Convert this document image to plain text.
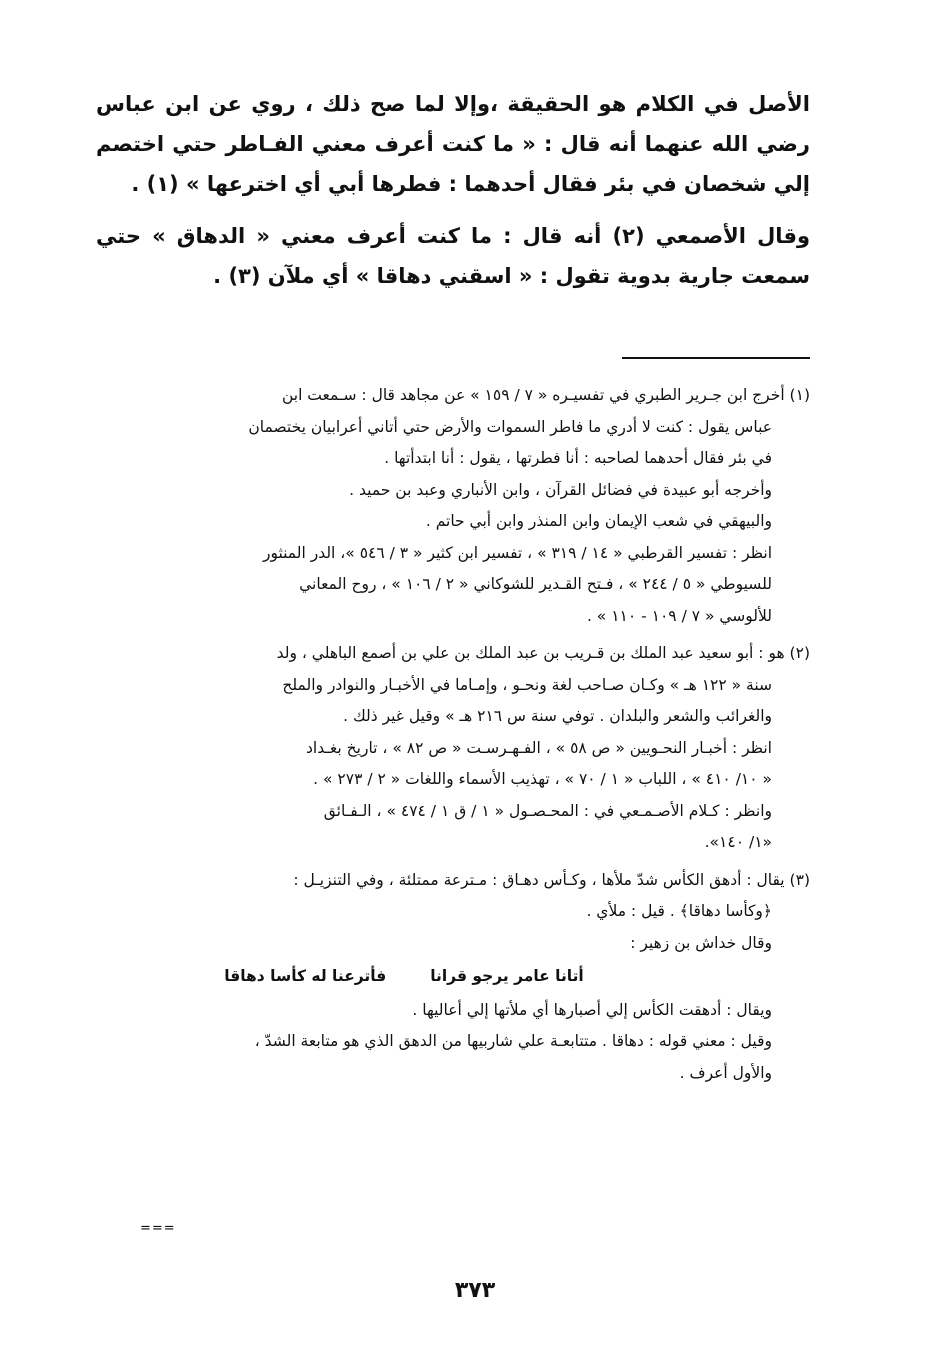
الأصل في الكلام هو الحقيقة ،وإلا لما صح ذلك ، روي عن ابن عباس رضي الله عنهما أنه قال : « ما كنت أعرف معني الفـاطر حتي اختصم إلي شخصان في بئر فقال أحدهما : فطرها أبي أي اخترعها » (١) .

وقال الأصمعي (٢) أنه قال : ما كنت أعرف معني « الدهاق » حتي سمعت جارية بدوية تقول : « اسقني دهاقا » أي ملآن (٣) .

(١) أخرج ابن جـرير الطبري في تفسيـره « ٧ / ١٥٩ » عن مجاهد قال : سـمعت ابن

عباس يقول : كنت لا أدري ما فاطر السموات والأرض حتي أتاني أعرابيان يختصمان

في بئر فقال أحدهما لصاحبه : أنا فطرتها ، يقول : أنا ابتدأتها .

وأخرجه أبو عبيدة في فضائل القرآن ، وابن الأنباري وعبد بن حميد .

والبيهقي في شعب الإيمان وابن المنذر وابن أبي حاتم .

انظر : تفسير القرطبي « ١٤ / ٣١٩ » ، تفسير ابن كثير « ٣ / ٥٤٦ »، الدر المنثور

للسيوطي « ٥ / ٢٤٤ » ، فـتح القـدير للشوكاني « ٢ / ١٠٦ » ، روح المعاني

للألوسي « ٧ / ١٠٩ - ١١٠ » .

(٢) هو : أبو سعيد عبد الملك بن قـريب بن عبد الملك بن علي بن أصمع الباهلي ، ولد

سنة « ١٢٢ هـ » وكـان صـاحب لغة ونحـو ، وإمـاما في الأخبـار والنوادر والملح

والغرائب والشعر والبلدان . توفي سنة س ٢١٦ هـ » وقيل غير ذلك .

انظر : أخبـار النحـويين « ص ٥٨ » ، الفـهـرسـت « ص ٨٢ » ، تاريخ بغـداد

« ١٠/ ٤١٠ » ، اللباب « ١ / ٧٠ » ، تهذيب الأسماء واللغات « ٢ / ٢٧٣ » .

وانظر : كـلام الأصـمـعي في : المحـصـول « ١ / ق ١ / ٤٧٤ » ، الـفـائق

«١/ ١٤٠».

(٣) يقال : أدهق الكأس شدّ ملأها ، وكـأس دهـاق : مـترعة ممتلئة ، وفي التنزيـل :

﴿وكأسا دهاقا﴾ . قيل : ملأي .

وقال خداش بن زهير :

أتانا عامر يرجو قرانافأترعنا له كأسا دهاقا

ويقال : أدهقت الكأس إلي أصبارها أي ملأتها إلي أعاليها .

وقيل : معني قوله : دهاقا . متتابعـة علي شاربيها من الدهق الذي هو متابعة الشدّ ،

والأول أعرف .

===
٣٧٣
